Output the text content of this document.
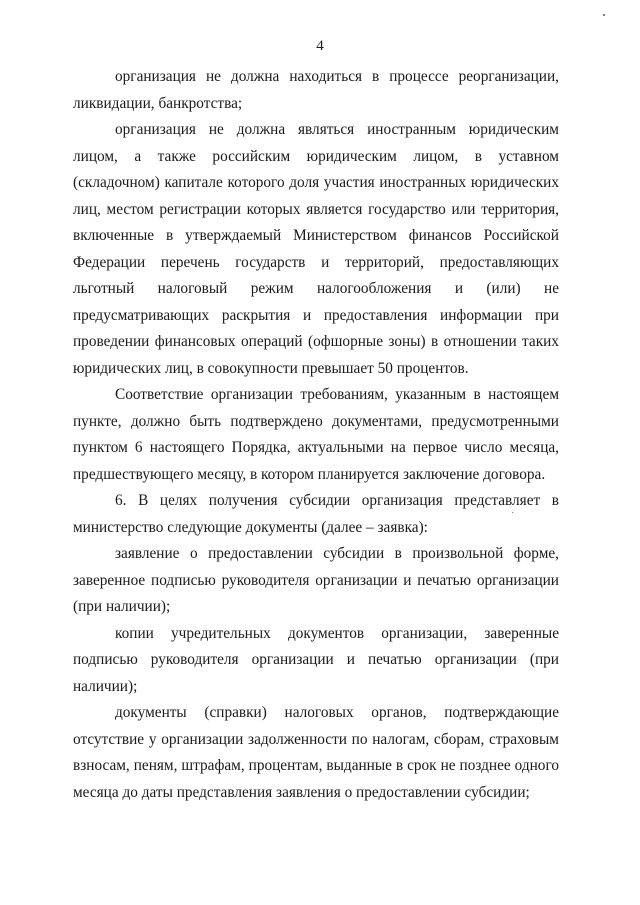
4

организация не должна находиться в процессе реорганизации, ликвидации, банкротства;

организация не должна являться иностранным юридическим лицом, а также российским юридическим лицом, в уставном (складочном) капитале которого доля участия иностранных юридических лиц, местом регистрации которых является государство или территория, включенные в утверждаемый Министерством финансов Российской Федерации перечень государств и территорий, предоставляющих льготный налоговый режим налогообложения и (или) не предусматривающих раскрытия и предоставления информации при проведении финансовых операций (офшорные зоны) в отношении таких юридических лиц, в совокупности превышает 50 процентов.

Соответствие организации требованиям, указанным в настоящем пункте, должно быть подтверждено документами, предусмотренными пунктом 6 настоящего Порядка, актуальными на первое число месяца, предшествующего месяцу, в котором планируется заключение договора.

6. В целях получения субсидии организация представляет в министерство следующие документы (далее – заявка):

заявление о предоставлении субсидии в произвольной форме, заверенное подписью руководителя организации и печатью организации (при наличии);

копии учредительных документов организации, заверенные подписью руководителя организации и печатью организации (при наличии);

документы (справки) налоговых органов, подтверждающие отсутствие у организации задолженности по налогам, сборам, страховым взносам, пеням, штрафам, процентам, выданные в срок не позднее одного месяца до даты представления заявления о предоставлении субсидии;
